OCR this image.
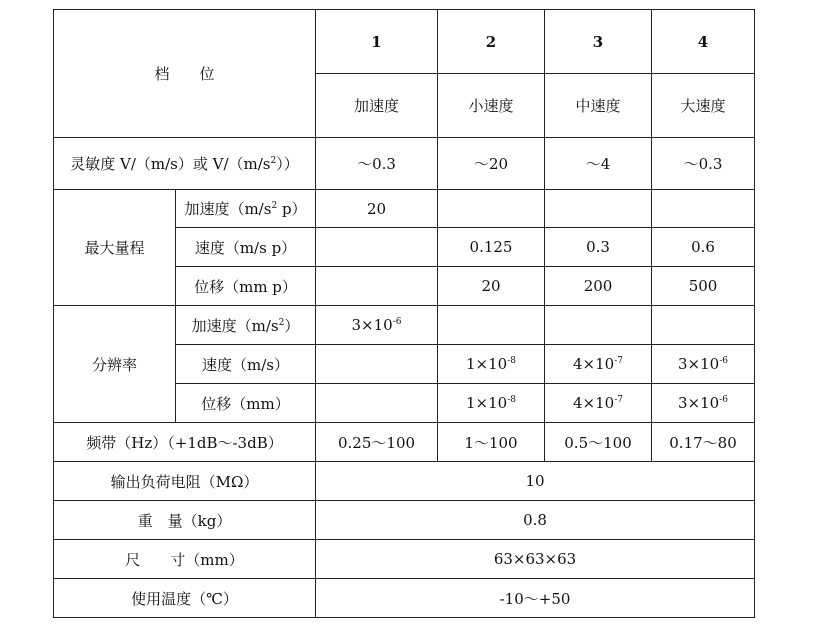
档　　位		1	2	3	4
		加速度	小速度	中速度	大速度
灵敏度 V/（m/s）或 $V/(m/s^2)$）		～0.3	～20	～4	～0.3
最大量程	加速度（$m/s^2$ p）	20			
	速度（m/s p）		0.125	0.3	0.6
	位移（mm p）		20	200	500
分辨率	加速度$(m/s^2)$	$3\times 10^{-6}$			
	速度（m/s）		$1\times 10^{-8}$	$4\times 10^{-7}$	$3\times 10^{-6}$
	位移（mm）		$1\times 10^{-8}$	$4\times 10^{-7}$	$3\times 10^{-6}$
频带（Hz）（+1dB～-3dB）		0.25～100	1～100	0.5～100	0.17～80
输出负荷电阻（MΩ）		10			
重　量（kg）		0.8			
尺　　寸（mm）		63×63×63			
使用温度（℃）		-10～+50			
